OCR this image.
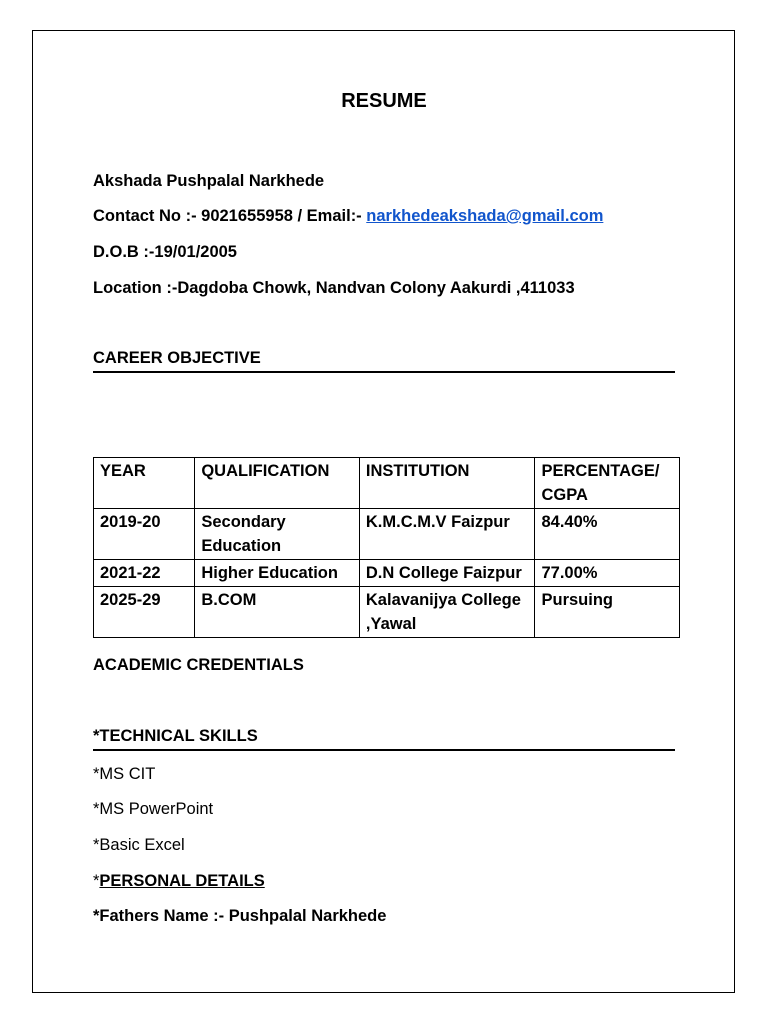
RESUME
Akshada Pushpalal Narkhede
Contact No :- 9021655958 / Email:- narkhedeakshada@gmail.com
D.O.B :-19/01/2005
Location :-Dagdoba Chowk, Nandvan Colony Aakurdi ,411033
CAREER OBJECTIVE
YEAR	QUALIFICATION	INSTITUTION	PERCENTAGE/ CGPA
2019-20	Secondary Education	K.M.C.M.V Faizpur	84.40%
2021-22	Higher Education	D.N College Faizpur	77.00%
2025-29	B.COM	Kalavanijya College ,Yawal	Pursuing
ACADEMIC CREDENTIALS
*TECHNICAL SKILLS
*MS CIT
*MS PowerPoint
*Basic Excel
*PERSONAL DETAILS
*Fathers Name :- Pushpalal Narkhede
